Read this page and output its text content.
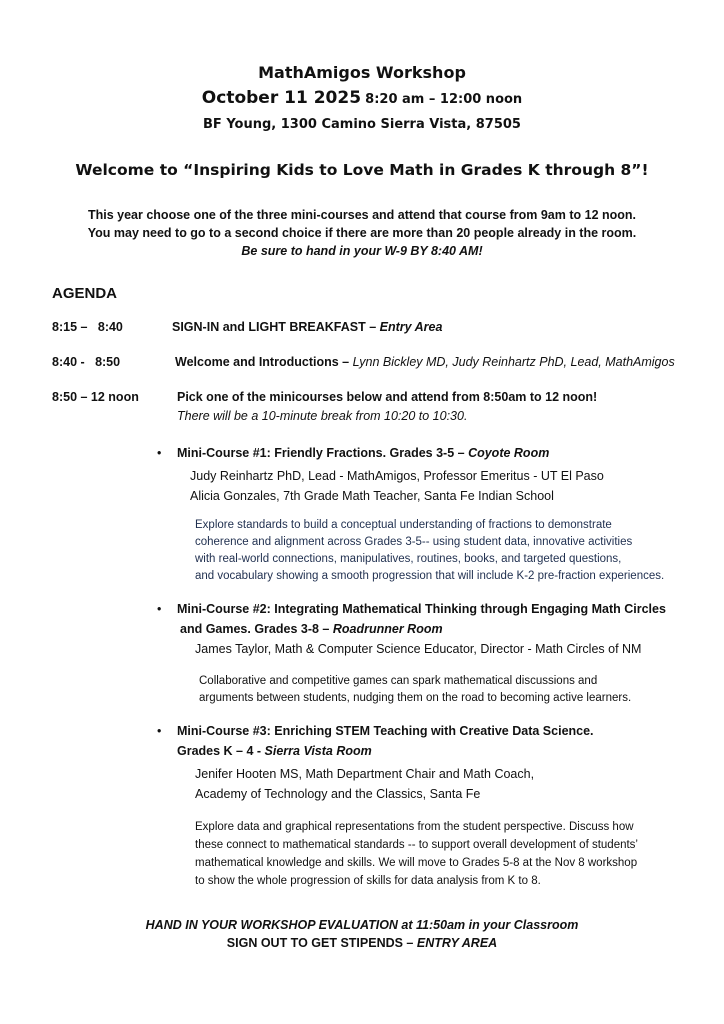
MathAmigos Workshop
October 11 2025 8:20 am – 12:00 noon
BF Young, 1300 Camino Sierra Vista, 87505
Welcome to “Inspiring Kids to Love Math in Grades K through 8”!
This year choose one of the three mini-courses and attend that course from 9am to 12 noon.
You may need to go to a second choice if there are more than 20 people already in the room.
Be sure to hand in your W-9 BY 8:40 AM!
AGENDA
8:15 –   8:40	SIGN-IN and LIGHT BREAKFAST – Entry Area
8:40 -   8:50	Welcome and Introductions – Lynn Bickley MD, Judy Reinhartz PhD, Lead, MathAmigos
8:50 – 12 noon	Pick one of the minicourses below and attend from 8:50am to 12 noon!
There will be a 10-minute break from 10:20 to 10:30.
• Mini-Course #1: Friendly Fractions. Grades 3-5 – Coyote Room
Judy Reinhartz PhD, Lead - MathAmigos, Professor Emeritus - UT El Paso
Alicia Gonzales, 7th Grade Math Teacher, Santa Fe Indian School
Explore standards to build a conceptual understanding of fractions to demonstrate
coherence and alignment across Grades 3-5-- using student data, innovative activities
with real-world connections, manipulatives, routines, books, and targeted questions,
and vocabulary showing a smooth progression that will include K-2 pre-fraction experiences.
• Mini-Course #2: Integrating Mathematical Thinking through Engaging Math Circles
and Games. Grades 3-8 – Roadrunner Room
James Taylor, Math & Computer Science Educator, Director - Math Circles of NM
Collaborative and competitive games can spark mathematical discussions and
arguments between students, nudging them on the road to becoming active learners.
• Mini-Course #3: Enriching STEM Teaching with Creative Data Science.
Grades K – 4 - Sierra Vista Room
Jenifer Hooten MS, Math Department Chair and Math Coach,
Academy of Technology and the Classics, Santa Fe
Explore data and graphical representations from the student perspective. Discuss how
these connect to mathematical standards -- to support overall development of students’
mathematical knowledge and skills. We will move to Grades 5-8 at the Nov 8 workshop
to show the whole progression of skills for data analysis from K to 8.
HAND IN YOUR WORKSHOP EVALUATION at 11:50am in your Classroom
SIGN OUT TO GET STIPENDS – ENTRY AREA
